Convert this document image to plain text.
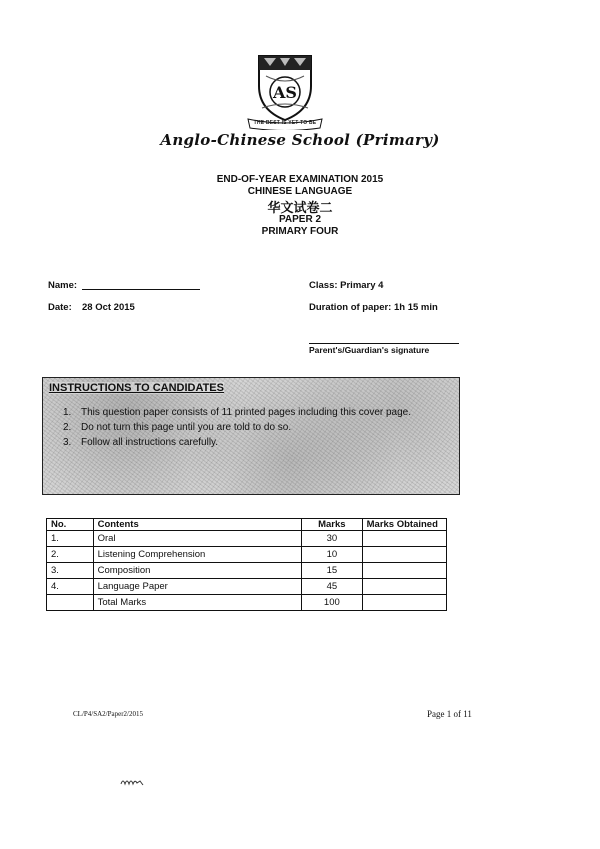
AS
THE BEST IS YET TO BE
Anglo-Chinese School (Primary)
END-OF-YEAR EXAMINATION 2015
CHINESE LANGUAGE
华文试卷二
PAPER 2
PRIMARY FOUR
Name:
Date: 28 Oct 2015
Class: Primary 4
Duration of paper: 1h 15 min
Parent's/Guardian's signature
INSTRUCTIONS TO CANDIDATES
1. This question paper consists of 11 printed pages including this cover page.
2. Do not turn this page until you are told to do so.
3. Follow all instructions carefully.
No.	Contents	Marks	Marks Obtained
1.	Oral	30	
2.	Listening Comprehension	10	
3.	Composition	15	
4.	Language Paper	45	
	Total Marks	100	
CL/P4/SA2/Paper2/2015	Page 1 of 11
